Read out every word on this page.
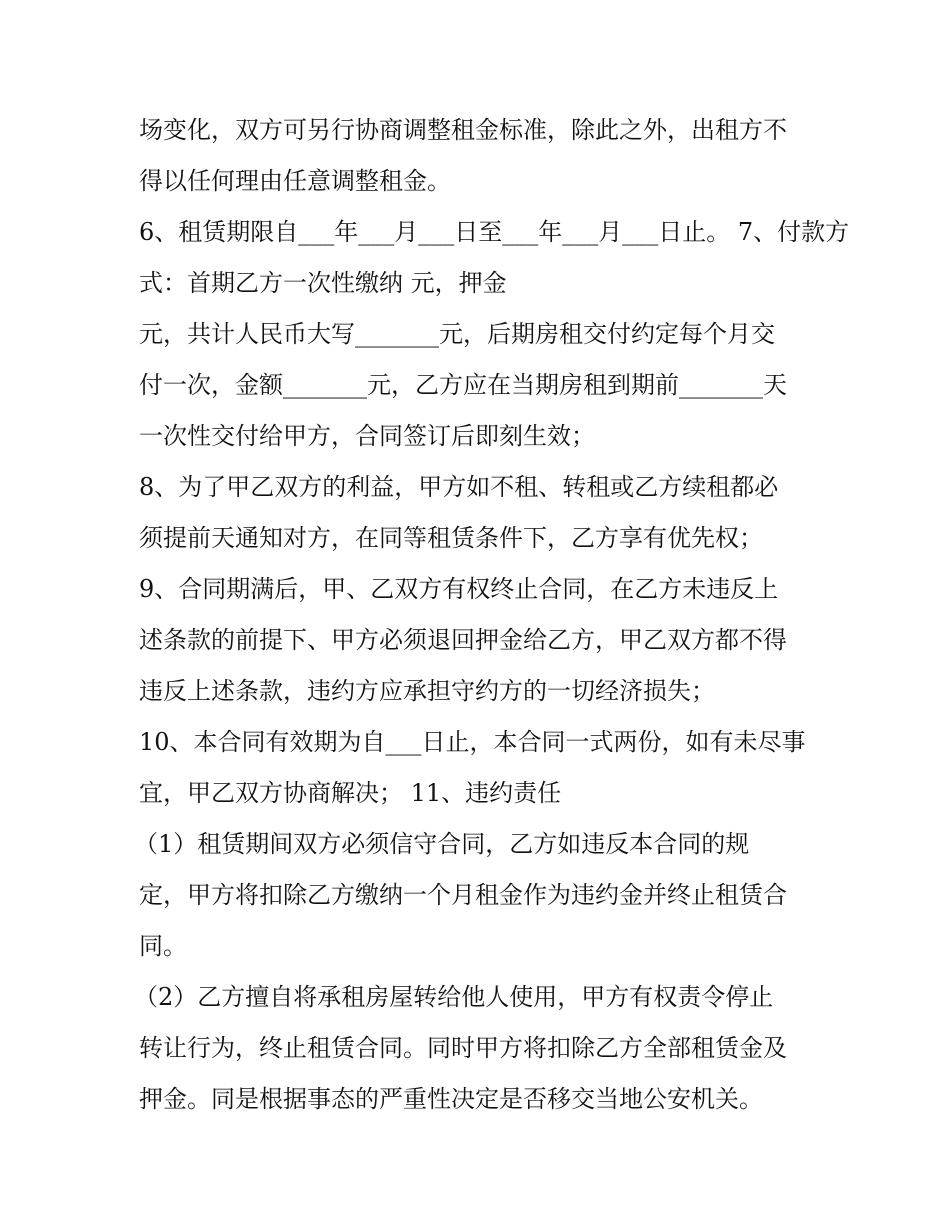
场变化，双方可另行协商调整租金标准，除此之外，出租方不
得以任何理由任意调整租金。
6、租赁期限自___年___月___日至___年___月___日止。 7、付款方
式：首期乙方一次性缴纳 元，押金
元，共计人民币大写_______元，后期房租交付约定每个月交
付一次，金额_______元，乙方应在当期房租到期前_______天
一次性交付给甲方，合同签订后即刻生效；
8、为了甲乙双方的利益，甲方如不租、转租或乙方续租都必
须提前天通知对方，在同等租赁条件下，乙方享有优先权；
9、合同期满后，甲、乙双方有权终止合同，在乙方未违反上
述条款的前提下、甲方必须退回押金给乙方，甲乙双方都不得
违反上述条款，违约方应承担守约方的一切经济损失；
10、本合同有效期为自___日止，本合同一式两份，如有未尽事
宜，甲乙双方协商解决； 11、违约责任
（1）租赁期间双方必须信守合同，乙方如违反本合同的规
定，甲方将扣除乙方缴纳一个月租金作为违约金并终止租赁合
同。
（2）乙方擅自将承租房屋转给他人使用，甲方有权责令停止
转让行为，终止租赁合同。同时甲方将扣除乙方全部租赁金及
押金。同是根据事态的严重性决定是否移交当地公安机关。
